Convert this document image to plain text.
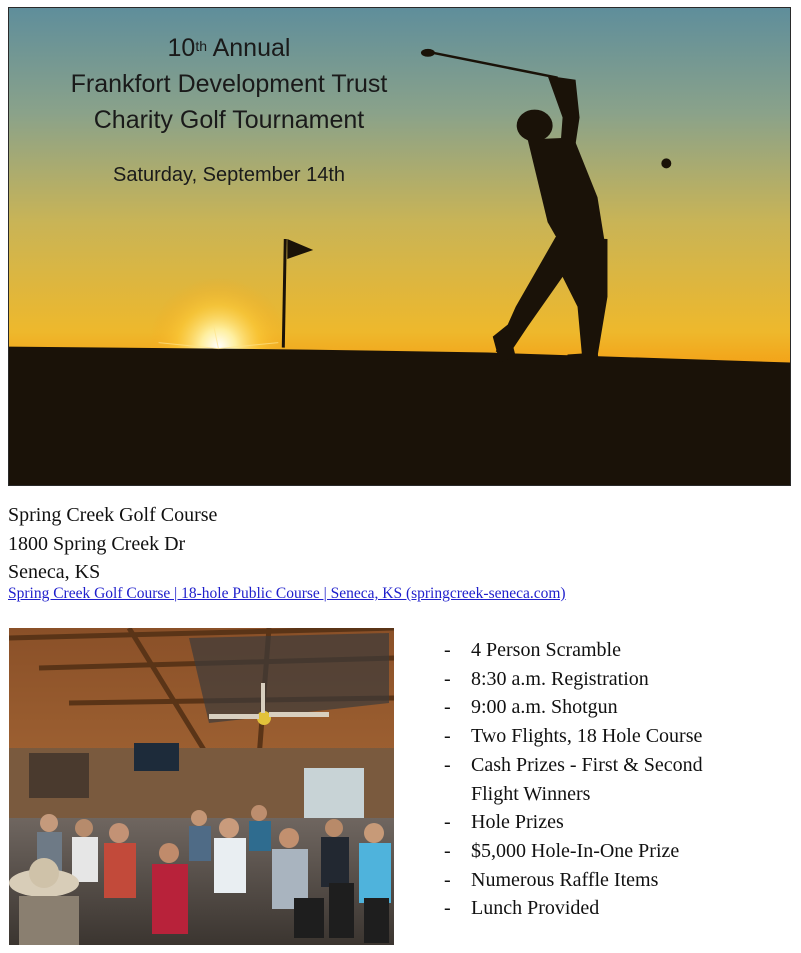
10th Annual
Frankfort Development Trust
Charity Golf Tournament
Saturday, September 14th
Spring Creek Golf Course
1800 Spring Creek Dr
Seneca, KS
Spring Creek Golf Course | 18-hole Public Course | Seneca, KS (springcreek-seneca.com)
- 4 Person Scramble
- 8:30 a.m. Registration
- 9:00 a.m. Shotgun
- Two Flights, 18 Hole Course
- Cash Prizes - First & Second
Flight Winners
- Hole Prizes
- $5,000 Hole-In-One Prize
- Numerous Raffle Items
- Lunch Provided
